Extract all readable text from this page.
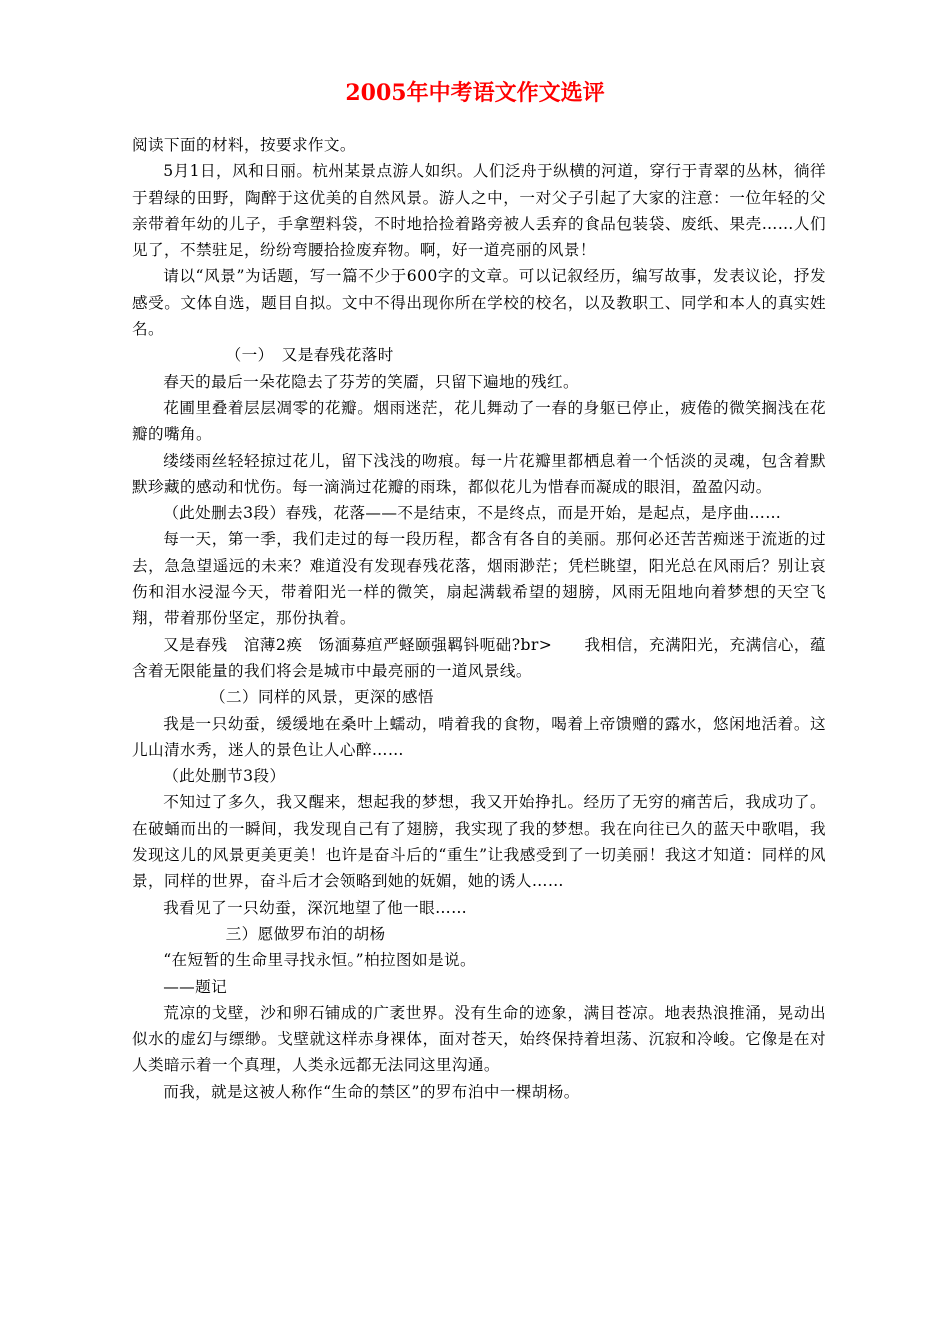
2005年中考语文作文选评

阅读下面的材料，按要求作文。

5月1日，风和日丽。杭州某景点游人如织。人们泛舟于纵横的河道，穿行于青翠的丛林，徜徉于碧绿的田野，陶醉于这优美的自然风景。游人之中，一对父子引起了大家的注意：一位年轻的父亲带着年幼的儿子，手拿塑料袋，不时地拾捡着路旁被人丢弃的食品包装袋、废纸、果壳……人们见了，不禁驻足，纷纷弯腰拾捡废弃物。啊，好一道亮丽的风景！

请以“风景”为话题，写一篇不少于600字的文章。可以记叙经历，编写故事，发表议论，抒发感受。文体自选，题目自拟。文中不得出现你所在学校的校名，以及教职工、同学和本人的真实姓名。

（一）　又是春残花落时

春天的最后一朵花隐去了芬芳的笑靥，只留下遍地的残红。

花圃里叠着层层凋零的花瓣。烟雨迷茫，花儿舞动了一春的身躯已停止，疲倦的微笑搁浅在花瓣的嘴角。

缕缕雨丝轻轻掠过花儿，留下浅浅的吻痕。每一片花瓣里都栖息着一个恬淡的灵魂，包含着默默珍藏的感动和忧伤。每一滴淌过花瓣的雨珠，都似花儿为惜春而凝成的眼泪，盈盈闪动。

（此处删去3段）春残，花落——不是结束，不是终点，而是开始，是起点，是序曲……

每一天，第一季，我们走过的每一段历程，都含有各自的美丽。那何必还苦苦痴迷于流逝的过去，急急望遥远的未来？难道没有发现春残花落，烟雨渺茫；凭栏眺望，阳光总在风雨后？别让哀伤和泪水浸湿今天，带着阳光一样的微笑，扇起满载希望的翅膀，风雨无阻地向着梦想的天空飞翔，带着那份坚定，那份执着。

又是春残　涫薄2痪　饧湎募疸严蛏颐强羁钭呃础?br>　　我相信，充满阳光，充满信心，蕴含着无限能量的我们将会是城市中最亮丽的一道风景线。

（二）同样的风景，更深的感悟

我是一只幼蚕，缓缓地在桑叶上蠕动，啃着我的食物，喝着上帝馈赠的露水，悠闲地活着。这儿山清水秀，迷人的景色让人心醉……

（此处删节3段）

不知过了多久，我又醒来，想起我的梦想，我又开始挣扎。经历了无穷的痛苦后，我成功了。在破蛹而出的一瞬间，我发现自己有了翅膀，我实现了我的梦想。我在向往已久的蓝天中歌唱，我发现这儿的风景更美更美！也许是奋斗后的“重生”让我感受到了一切美丽！我这才知道：同样的风景，同样的世界，奋斗后才会领略到她的妩媚，她的诱人……

我看见了一只幼蚕，深沉地望了他一眼……

三）愿做罗布泊的胡杨

“在短暂的生命里寻找永恒。”柏拉图如是说。

——题记

荒凉的戈壁，沙和卵石铺成的广袤世界。没有生命的迹象，满目苍凉。地表热浪推涌，晃动出似水的虚幻与缥缈。戈壁就这样赤身裸体，面对苍天，始终保持着坦荡、沉寂和冷峻。它像是在对人类暗示着一个真理，人类永远都无法同这里沟通。

而我，就是这被人称作“生命的禁区”的罗布泊中一棵胡杨。
